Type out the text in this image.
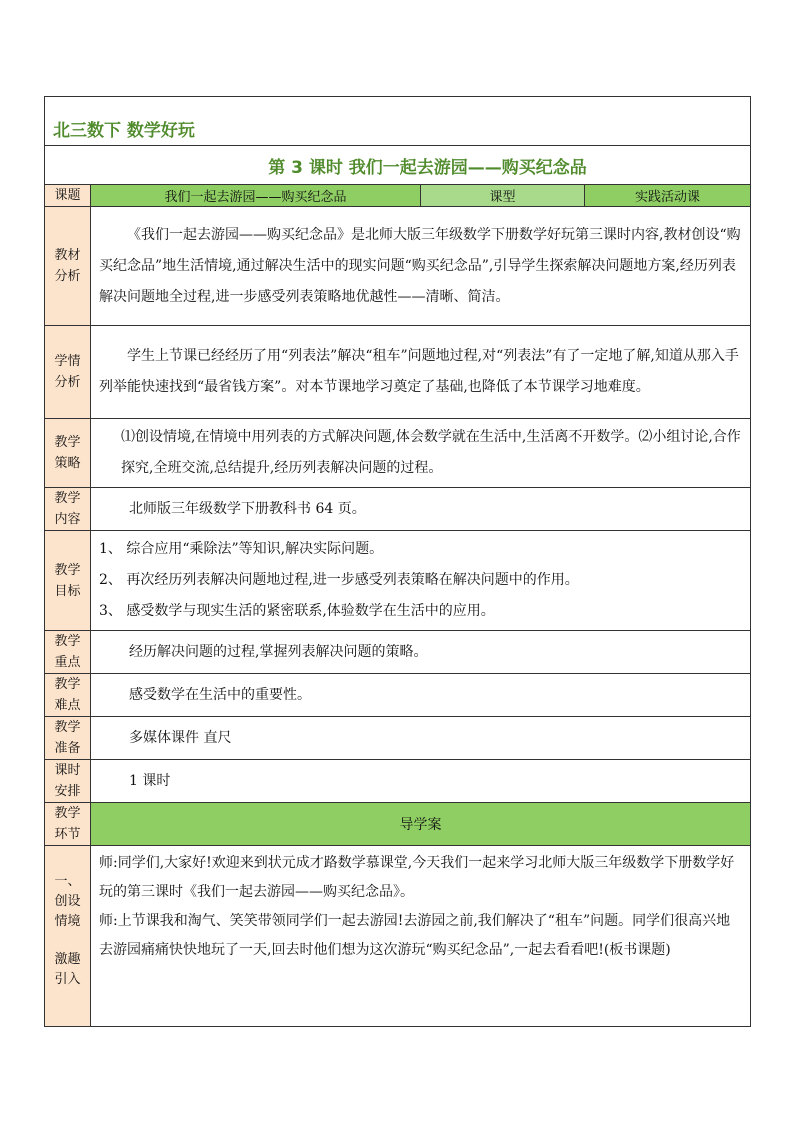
北三数下 数学好玩			
第 3 课时 我们一起去游园——购买纪念品			
课题	我们一起去游园——购买纪念品	课型	实践活动课

教材
分析	《我们一起去游园——购买纪念品》是北师大版三年级数学下册数学好玩第三课时内容,教材创设“购买纪念品”地生活情境,通过解决生活中的现实问题“购买纪念品”,引导学生探索解决问题地方案,经历列表解决问题地全过程,进一步感受列表策略地优越性——清晰、简洁。		

学情
分析	学生上节课已经经历了用“列表法”解决“租车”问题地过程,对“列表法”有了一定地了解,知道从那入手列举能快速找到“最省钱方案”。对本节课地学习奠定了基础,也降低了本节课学习地难度。		

教学
策略	⑴创设情境,在情境中用列表的方式解决问题,体会数学就在生活中,生活离不开数学。⑵小组讨论,合作探究,全班交流,总结提升,经历列表解决问题的过程。		

教学
内容	北师版三年级数学下册教科书 64 页。		

教学
目标	1、 综合应用“乘除法”等知识,解决实际问题。
2、 再次经历列表解决问题地过程,进一步感受列表策略在解决问题中的作用。
3、 感受数学与现实生活的紧密联系,体验数学在生活中的应用。		

教学
重点	经历解决问题的过程,掌握列表解决问题的策略。		

教学
难点	感受数学在生活中的重要性。		

教学
准备	多媒体课件 直尺		

课时
安排	1 课时		

教学
环节	导学案		

一、
创设
情境
激趣
引入	师:同学们,大家好!欢迎来到状元成才路数学慕课堂,今天我们一起来学习北师大版三年级数学下册数学好玩的第三课时《我们一起去游园——购买纪念品》。
师:上节课我和淘气、笑笑带领同学们一起去游园!去游园之前,我们解决了“租车”问题。同学们很高兴地去游园痛痛快快地玩了一天,回去时他们想为这次游玩“购买纪念品”,一起去看看吧!(板书课题)		
